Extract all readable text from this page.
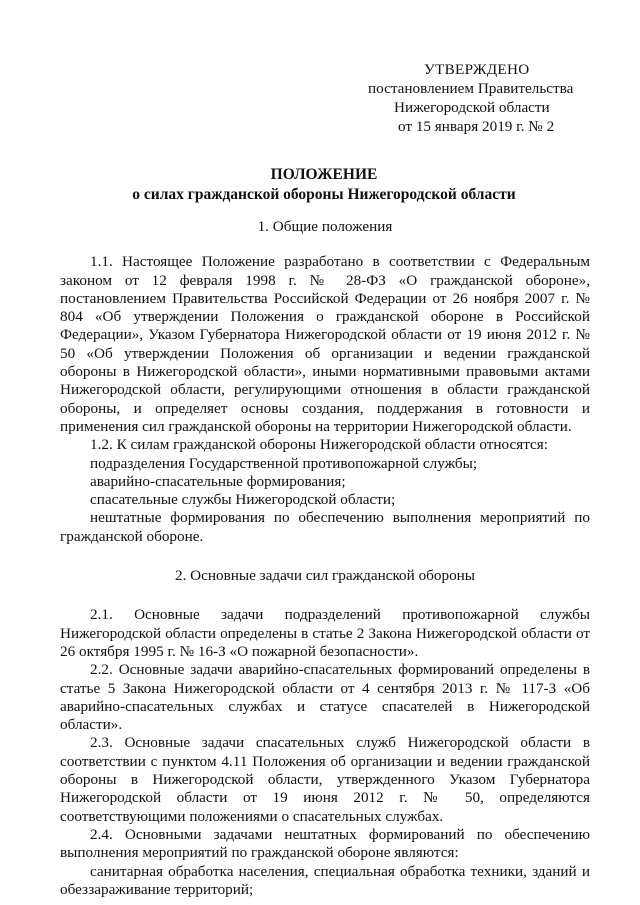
УТВЕРЖДЕНО
постановлением Правительства
Нижегородской области
от 15 января 2019 г. № 2

ПОЛОЖЕНИЕ

о силах гражданской обороны Нижегородской области

1. Общие положения

1.1. Настоящее Положение разработано в соответствии с Федеральным законом от 12 февраля 1998 г. № 28-ФЗ «О гражданской обороне», постановлением Правительства Российской Федерации от 26 ноября 2007 г. № 804 «Об утверждении Положения о гражданской обороне в Российской Федерации», Указом Губернатора Нижегородской области от 19 июня 2012 г. № 50 «Об утверждении Положения об организации и ведении гражданской обороны в Нижегородской области», иными нормативными правовыми актами Нижегородской области, регулирующими отношения в области гражданской обороны, и определяет основы создания, поддержания в готовности и применения сил гражданской обороны на территории Нижегородской области.

1.2. К силам гражданской обороны Нижегородской области относятся:

подразделения Государственной противопожарной службы;

аварийно-спасательные формирования;

спасательные службы Нижегородской области;

нештатные формирования по обеспечению выполнения мероприятий по гражданской обороне.

2. Основные задачи сил гражданской обороны

2.1. Основные задачи подразделений противопожарной службы Нижегородской области определены в статье 2 Закона Нижегородской области от 26 октября 1995 г. № 16-З «О пожарной безопасности».

2.2. Основные задачи аварийно-спасательных формирований определены в статье 5 Закона Нижегородской области от 4 сентября 2013 г. № 117-З «Об аварийно-спасательных службах и статусе спасателей в Нижегородской области».

2.3. Основные задачи спасательных служб Нижегородской области в соответствии с пунктом 4.11 Положения об организации и ведении гражданской обороны в Нижегородской области, утвержденного Указом Губернатора Нижегородской области от 19 июня 2012 г. № 50, определяются соответствующими положениями о спасательных службах.

2.4. Основными задачами нештатных формирований по обеспечению выполнения мероприятий по гражданской обороне являются:

санитарная обработка населения, специальная обработка техники, зданий и обеззараживание территорий;
